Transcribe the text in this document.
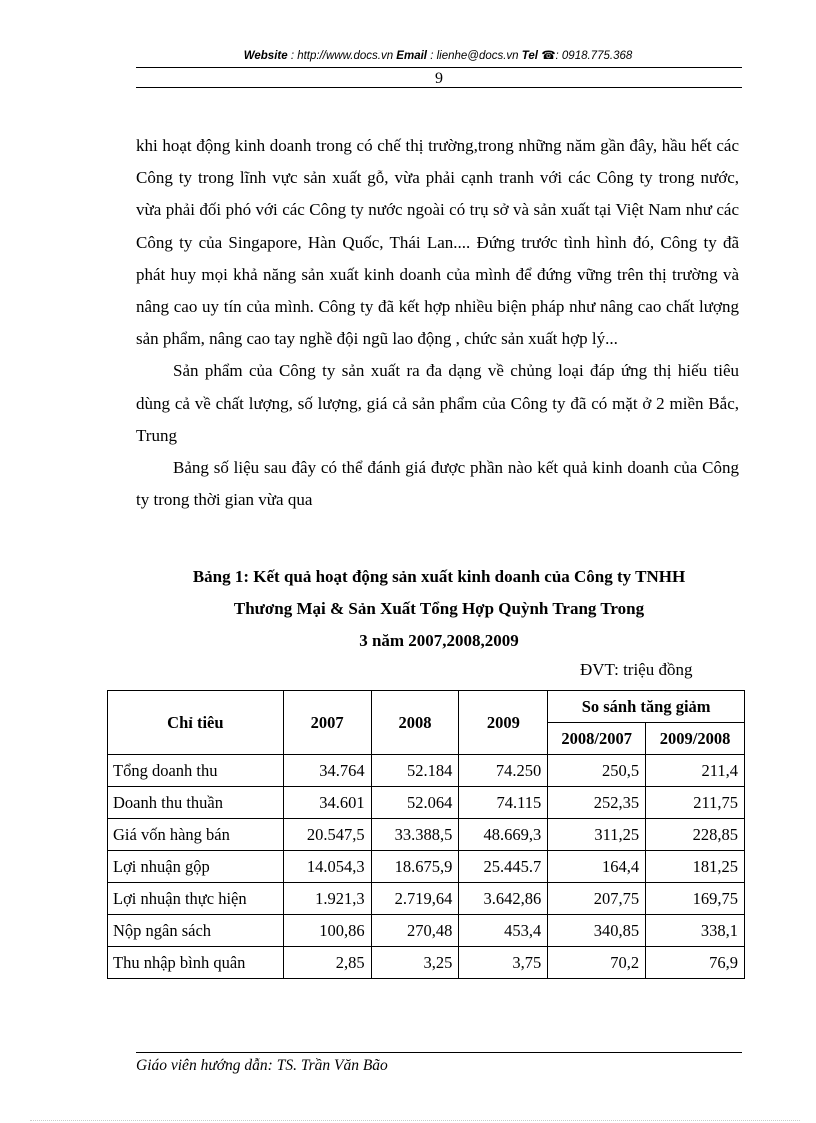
Website : http://www.docs.vn Email : lienhe@docs.vn Tel ☎: 0918.775.368
9

khi hoạt động kinh doanh trong có chế thị trường,trong những năm gần đây, hầu hết các Công ty trong lĩnh vực sản xuất gỗ, vừa phải cạnh tranh với các Công ty trong nước, vừa phải đối phó với các Công ty nước ngoài có trụ sở và sản xuất tại Việt Nam như các Công ty của Singapore, Hàn Quốc, Thái Lan.... Đứng trước tình hình đó, Công ty đã phát huy mọi khả năng sản xuất kinh doanh của mình để đứng vững trên thị trường và nâng cao uy tín của mình. Công ty đã kết hợp nhiều biện pháp như nâng cao chất lượng sản phẩm, nâng cao tay nghề đội ngũ lao động , chức sản xuất hợp lý...

Sản phẩm của Công ty sản xuất ra đa dạng về chủng loại đáp ứng thị hiếu tiêu dùng cả về chất lượng, số lượng, giá cả sản phẩm của Công ty đã có mặt ở 2 miền Bắc, Trung

Bảng số liệu sau đây có thể đánh giá được phần nào kết quả kinh doanh của Công ty trong thời gian vừa qua

Bảng 1: Kết quả hoạt động sản xuất kinh doanh của Công ty TNHH
Thương Mại & Sản Xuất Tổng Hợp Quỳnh Trang Trong
3 năm 2007,2008,2009
ĐVT: triệu đồng
Chỉ tiêu	2007	2008	2009	So sánh tăng giảm	
				2008/2007	2009/2008
Tổng doanh thu	34.764	52.184	74.250	250,5	211,4
Doanh thu thuần	34.601	52.064	74.115	252,35	211,75
Giá vốn hàng bán	20.547,5	33.388,5	48.669,3	311,25	228,85
Lợi nhuận gộp	14.054,3	18.675,9	25.445.7	164,4	181,25
Lợi nhuận thực hiện	1.921,3	2.719,64	3.642,86	207,75	169,75
Nộp ngân sách	100,86	270,48	453,4	340,85	338,1
Thu nhập bình quân	2,85	3,25	3,75	70,2	76,9
Giáo viên hướng dẫn: TS. Trần Văn Bão
